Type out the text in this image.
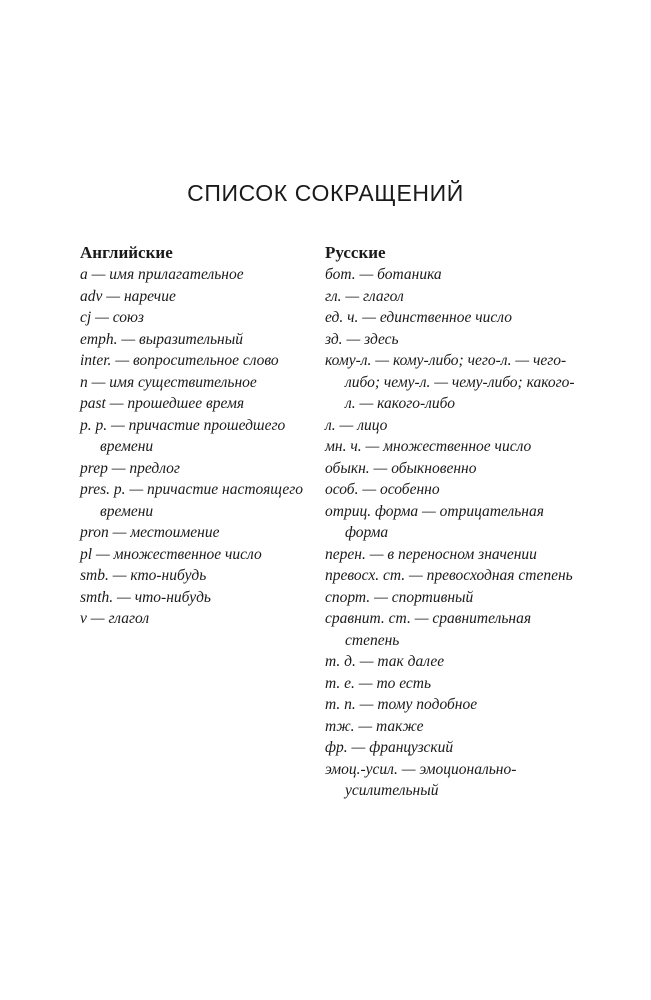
СПИСОК СОКРАЩЕНИЙ
Английские
a — имя прилагательное
adv — наречие
cj — союз
emph. — выразительный
inter. — вопросительное слово
n — имя существительное
past — прошедшее время
p. p. — причастие прошедшего времени
prep — предлог
pres. p. — причастие настоящего времени
pron — местоимение
pl — множественное число
smb. — кто-нибудь
smth. — что-нибудь
v — глагол
Русские
бот. — ботаника
гл. — глагол
ед. ч. — единственное число
зд. — здесь
кому-л. — кому-либо; чего-л. — чего-либо; чему-л. — чему-либо; какого-л. — какого-либо
л. — лицо
мн. ч. — множественное число
обыкн. — обыкновенно
особ. — особенно
отриц. форма — отрицательная форма
перен. — в переносном значении
превосх. ст. — превосходная степень
спорт. — спортивный
сравнит. ст. — сравнительная степень
т. д. — так далее
т. е. — то есть
т. п. — тому подобное
тж. — также
фр. — французский
эмоц.-усил. — эмоционально-усилительный
